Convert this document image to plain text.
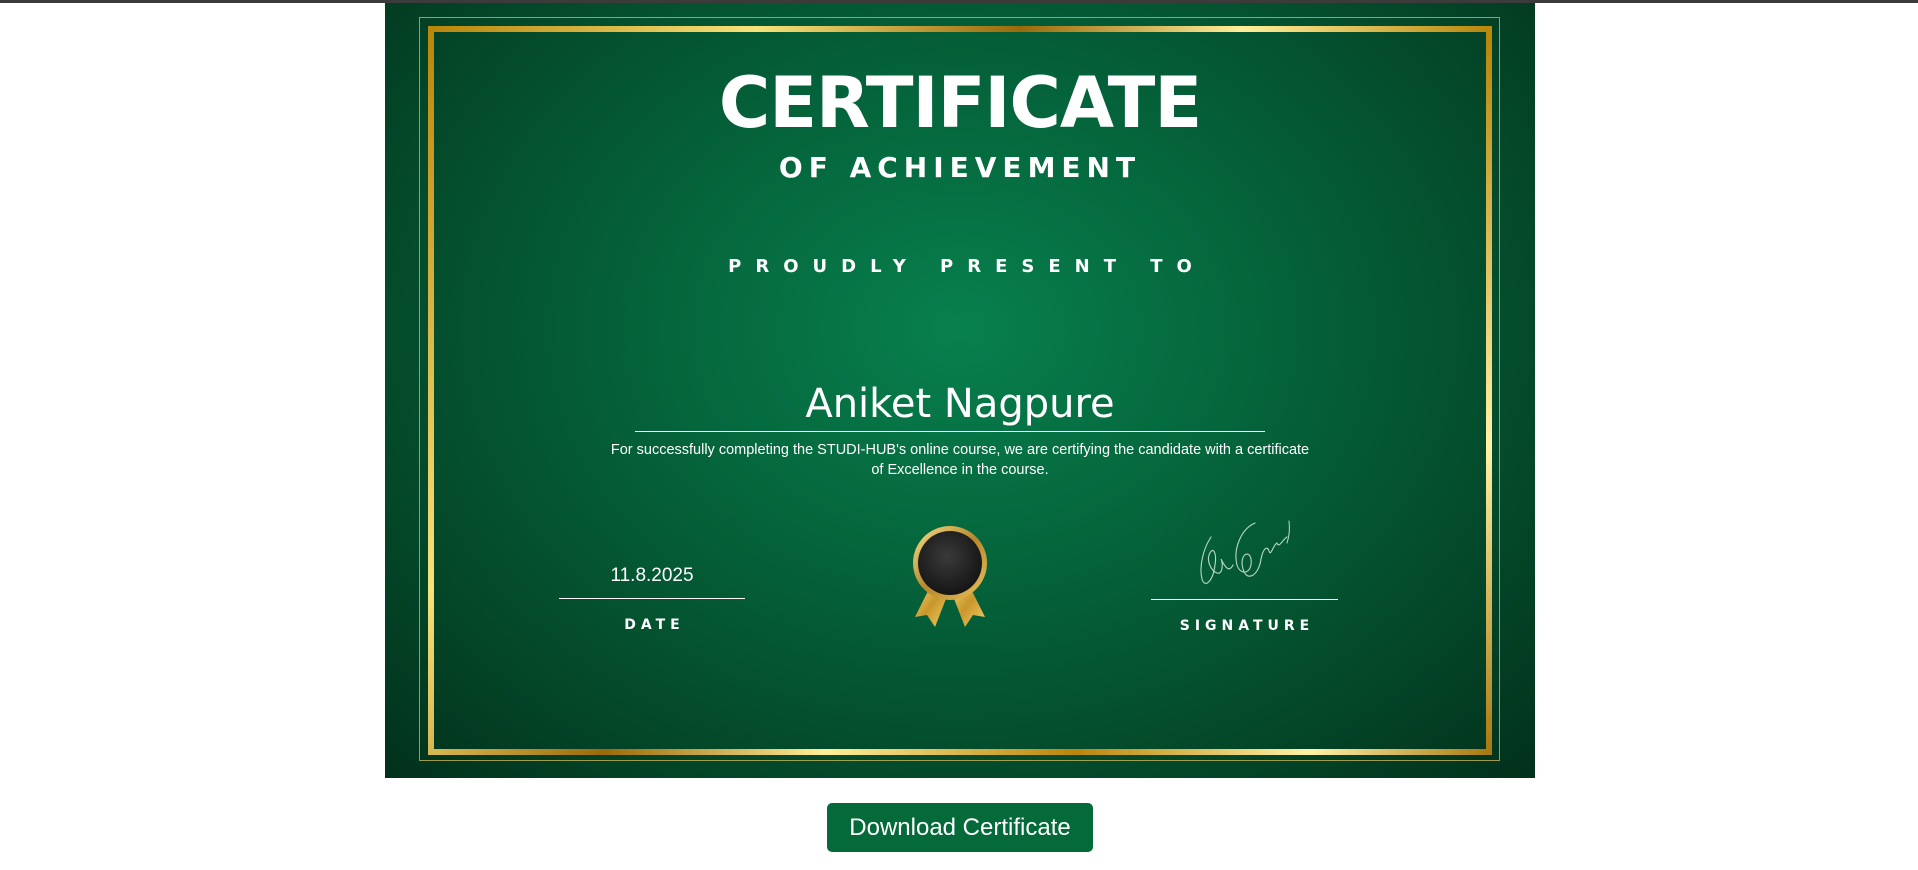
CERTIFICATE
OF ACHIEVEMENT
PROUDLY PRESENT TO
Aniket Nagpure
For successfully completing the STUDI-HUB's online course, we are certifying the candidate with a certificate of Excellence in the course.
11.8.2025
DATE	SIGNATURE
Download Certificate
